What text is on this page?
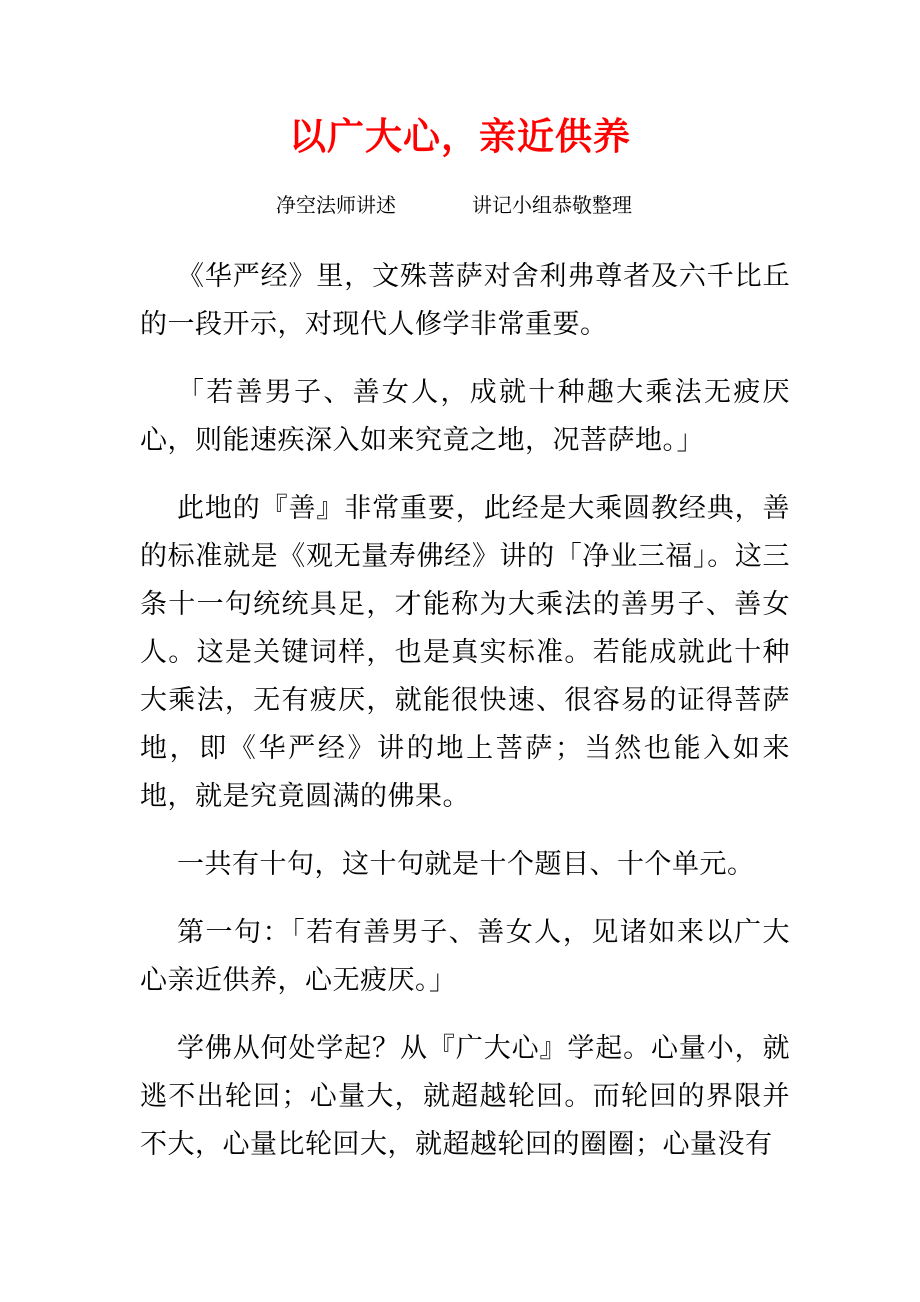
以广大心，亲近供养
净空法师讲述	讲记小组恭敬整理

《华严经》里，文殊菩萨对舍利弗尊者及六千比丘的一段开示，对现代人修学非常重要。

「若善男子、善女人，成就十种趣大乘法无疲厌心，则能速疾深入如来究竟之地，况菩萨地。」

此地的『善』非常重要，此经是大乘圆教经典，善的标准就是《观无量寿佛经》讲的「净业三福」。这三条十一句统统具足，才能称为大乘法的善男子、善女人。这是关键词样，也是真实标准。若能成就此十种大乘法，无有疲厌，就能很快速、很容易的证得菩萨地，即《华严经》讲的地上菩萨；当然也能入如来地，就是究竟圆满的佛果。

一共有十句，这十句就是十个题目、十个单元。

第一句：「若有善男子、善女人，见诸如来以广大心亲近供养，心无疲厌。」

学佛从何处学起？从『广大心』学起。心量小，就逃不出轮回；心量大，就超越轮回。而轮回的界限并不大，心量比轮回大，就超越轮回的圈圈；心量没有
